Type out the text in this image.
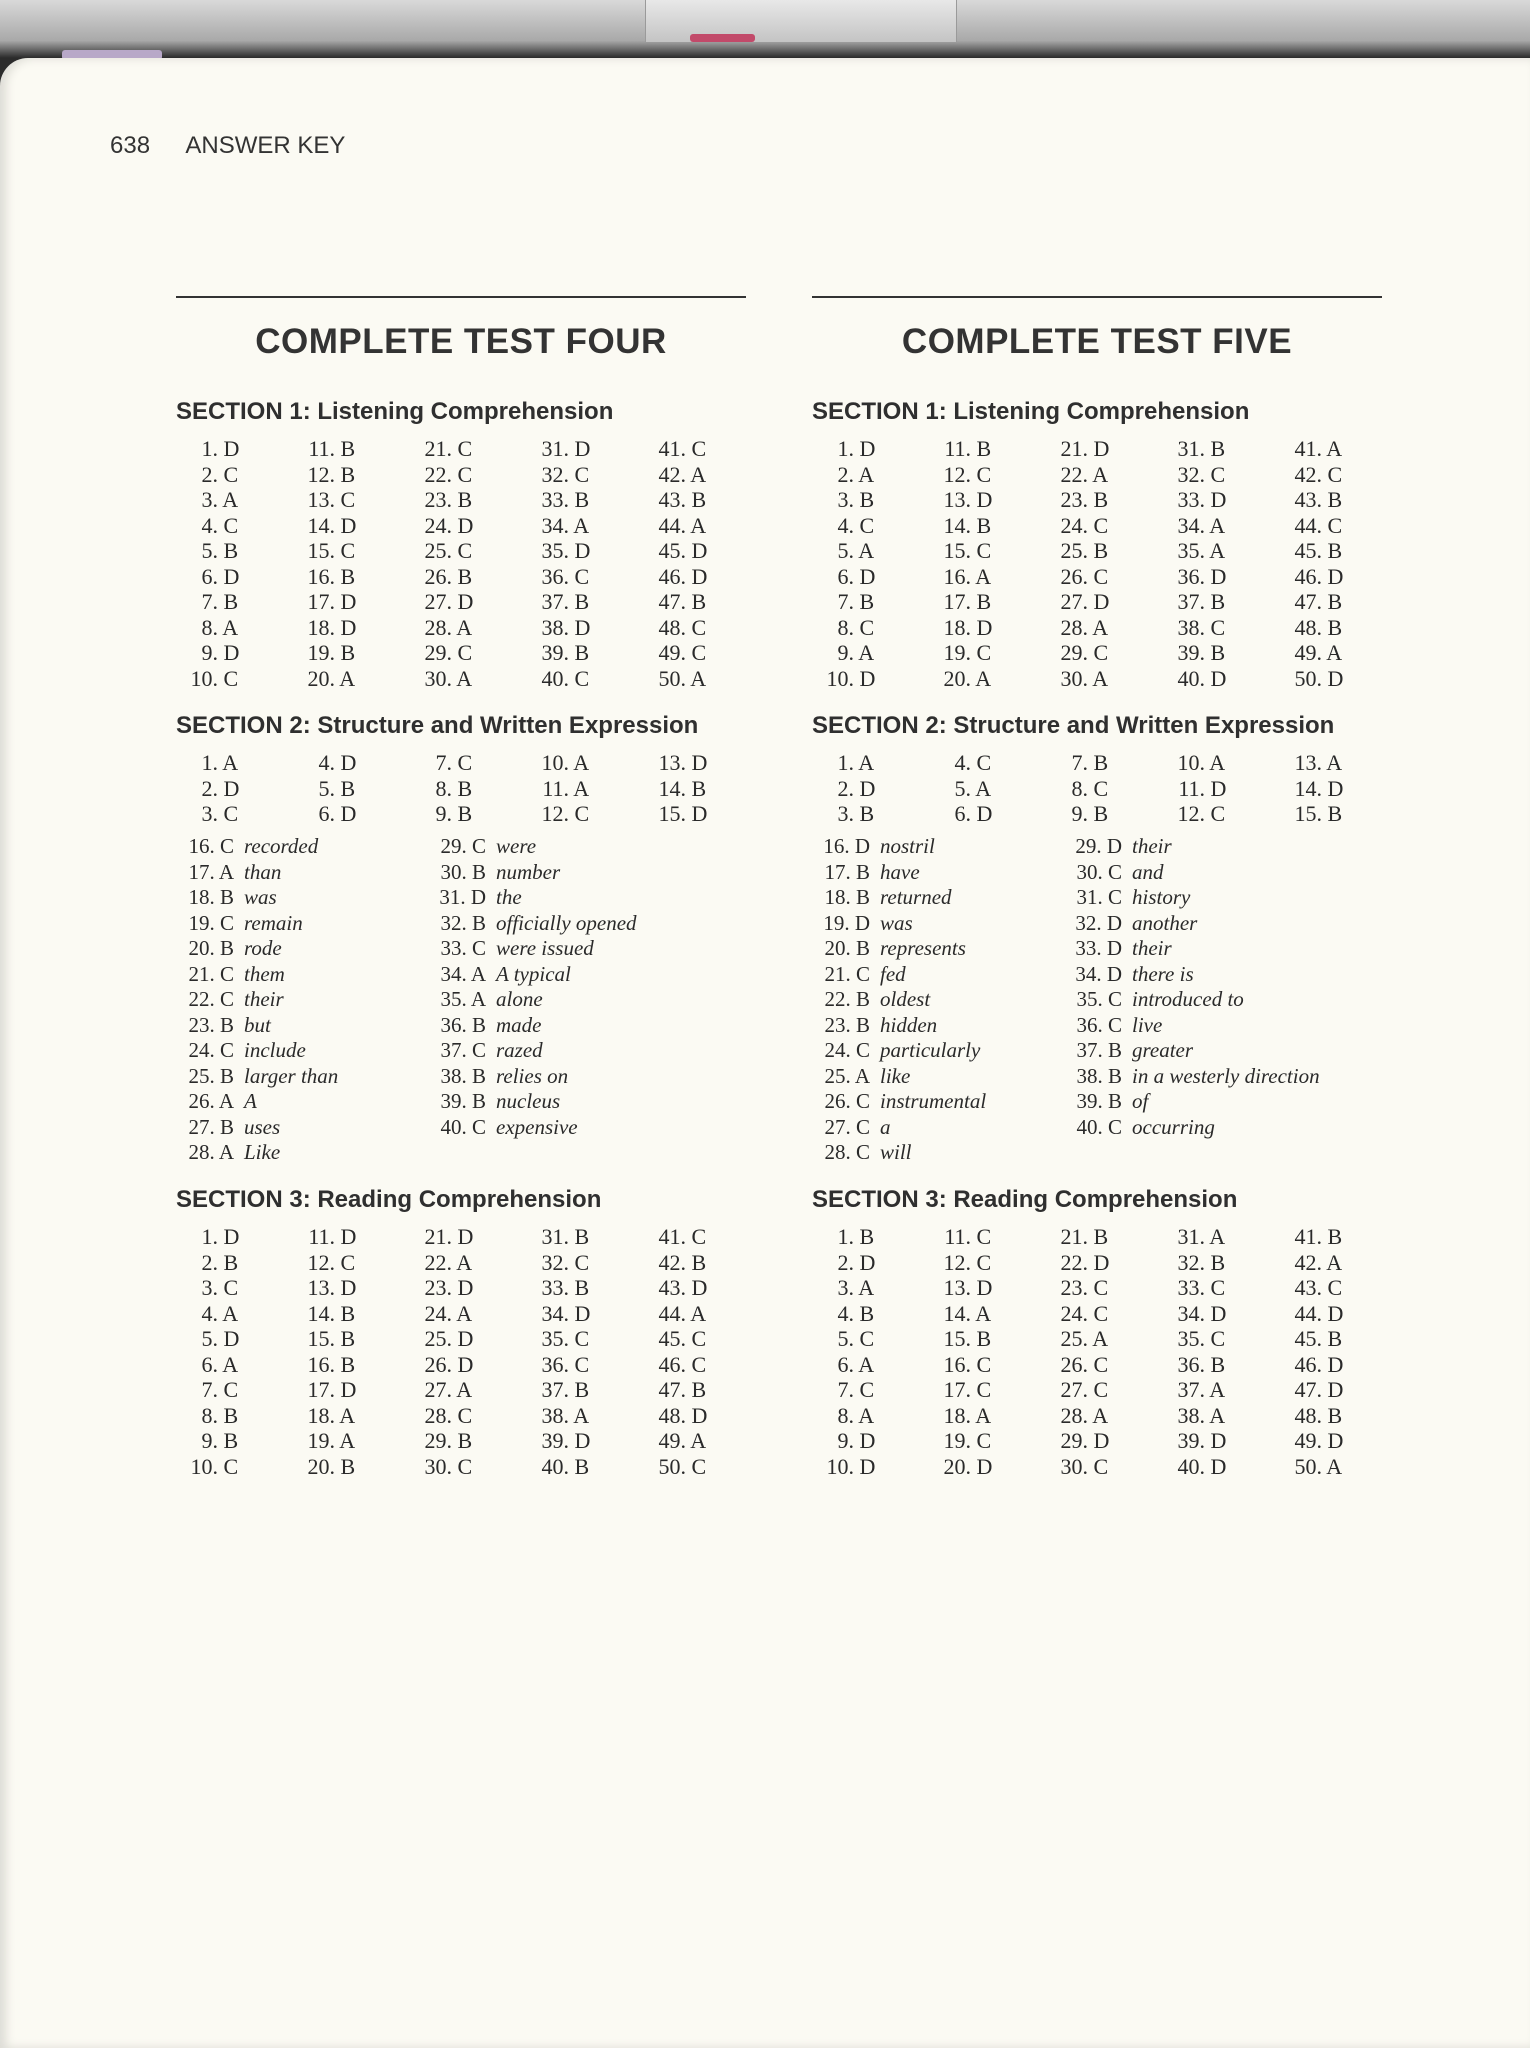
638 ANSWER KEY
COMPLETE TEST FOUR
SECTION 1: Listening Comprehension
1. D
2. C
3. A
4. C
5. B
6. D
7. B
8. A
9. D
10. C
11. B
12. B
13. C
14. D
15. C
16. B
17. D
18. D
19. B
20. A
21. C
22. C
23. B
24. D
25. C
26. B
27. D
28. A
29. C
30. A
31. D
32. C
33. B
34. A
35. D
36. C
37. B
38. D
39. B
40. C
41. C
42. A
43. B
44. A
45. D
46. D
47. B
48. C
49. C
50. A
SECTION 2: Structure and Written Expression
1. A
2. D
3. C
4. D
5. B
6. D
7. C
8. B
9. B
10. A
11. A
12. C
13. D
14. B
15. D
16. C recorded
17. A than
18. B was
19. C remain
20. B rode
21. C them
22. C their
23. B but
24. C include
25. B larger than
26. A A
27. B uses
28. A Like
29. C were
30. B number
31. D the
32. B officially opened
33. C were issued
34. A A typical
35. A alone
36. B made
37. C razed
38. B relies on
39. B nucleus
40. C expensive
SECTION 3: Reading Comprehension
1. D
2. B
3. C
4. A
5. D
6. A
7. C
8. B
9. B
10. C
11. D
12. C
13. D
14. B
15. B
16. B
17. D
18. A
19. A
20. B
21. D
22. A
23. D
24. A
25. D
26. D
27. A
28. C
29. B
30. C
31. B
32. C
33. B
34. D
35. C
36. C
37. B
38. A
39. D
40. B
41. C
42. B
43. D
44. A
45. C
46. C
47. B
48. D
49. A
50. C
COMPLETE TEST FIVE
SECTION 1: Listening Comprehension
1. D
2. A
3. B
4. C
5. A
6. D
7. B
8. C
9. A
10. D
11. B
12. C
13. D
14. B
15. C
16. A
17. B
18. D
19. C
20. A
21. D
22. A
23. B
24. C
25. B
26. C
27. D
28. A
29. C
30. A
31. B
32. C
33. D
34. A
35. A
36. D
37. B
38. C
39. B
40. D
41. A
42. C
43. B
44. C
45. B
46. D
47. B
48. B
49. A
50. D
SECTION 2: Structure and Written Expression
1. A
2. D
3. B
4. C
5. A
6. D
7. B
8. C
9. B
10. A
11. D
12. C
13. A
14. D
15. B
16. D nostril
17. B have
18. B returned
19. D was
20. B represents
21. C fed
22. B oldest
23. B hidden
24. C particularly
25. A like
26. C instrumental
27. C a
28. C will
29. D their
30. C and
31. C history
32. D another
33. D their
34. D there is
35. C introduced to
36. C live
37. B greater
38. B in a westerly direction
39. B of
40. C occurring
SECTION 3: Reading Comprehension
1. B
2. D
3. A
4. B
5. C
6. A
7. C
8. A
9. D
10. D
11. C
12. C
13. D
14. A
15. B
16. C
17. C
18. A
19. C
20. D
21. B
22. D
23. C
24. C
25. A
26. C
27. C
28. A
29. D
30. C
31. A
32. B
33. C
34. D
35. C
36. B
37. A
38. A
39. D
40. D
41. B
42. A
43. C
44. D
45. B
46. D
47. D
48. B
49. D
50. A
